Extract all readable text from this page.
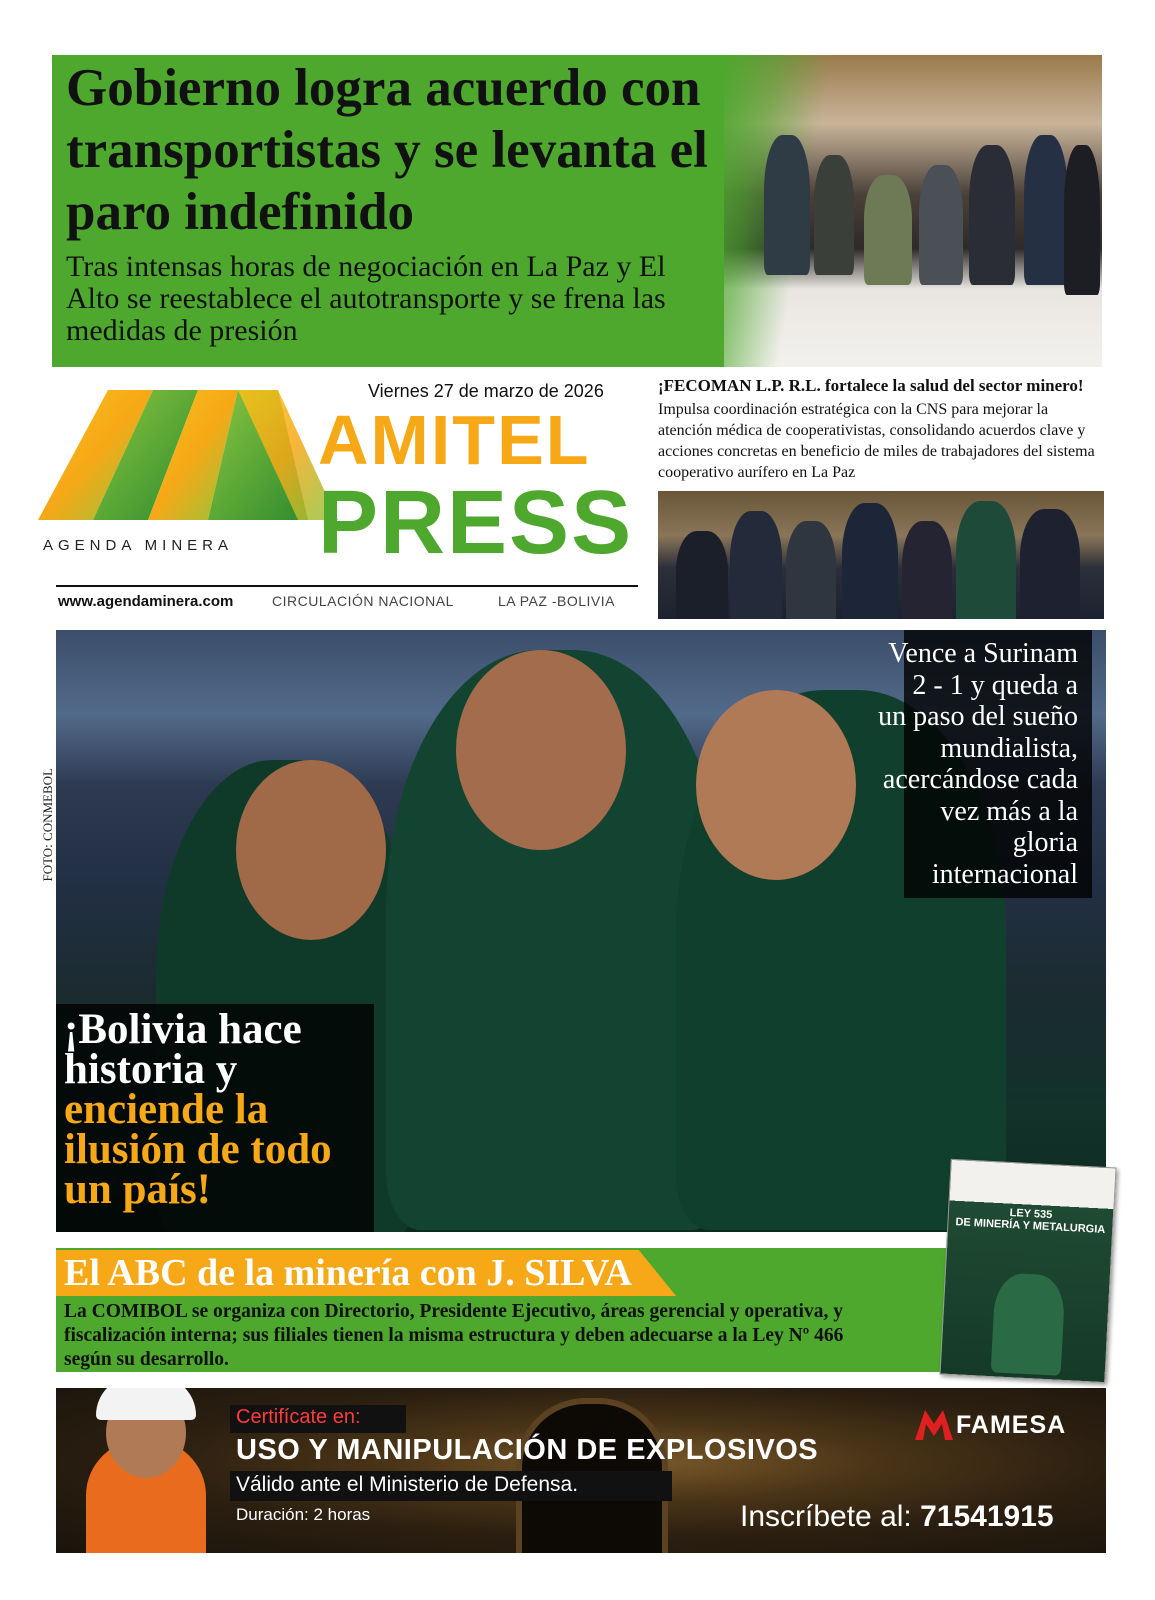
Gobierno logra acuerdo con transportistas y se levanta el paro indefinido

Tras intensas horas de negociación en La Paz y El Alto se reestablece el autotransporte y se frena las medidas de presión

AMITEL
PRESS
Viernes 27 de marzo de 2026
AGENDA MINERA
www.agendaminera.com	CIRCULACIÓN NACIONAL	LA PAZ -BOLIVIA
¡FECOMAN L.P. R.L. fortalece la salud del sector minero!
Impulsa coordinación estratégica con la CNS para mejorar la atención médica de cooperativistas, consolidando acuerdos clave y acciones concretas en beneficio de miles de trabajadores del sistema cooperativo aurífero en La Paz
FOTO: CONMEBOL
Vence a Surinam 2 - 1 y queda a un paso del sueño mundialista, acercándose cada vez más a la gloria internacional
¡Bolivia hace historia y
enciende la ilusión de todo un país!
El ABC de la minería con J. SILVA
La COMIBOL se organiza con Directorio, Presidente Ejecutivo, áreas gerencial y operativa, y fiscalización interna; sus filiales tienen la misma estructura y deben adecuarse a la Ley Nº 466 según su desarrollo.
LEY 535
DE MINERÍA Y METALURGIA
Certifícate en:
USO Y MANIPULACIÓN DE EXPLOSIVOS
Válido ante el Ministerio de Defensa.
Duración: 2 horas
FAMESA
Inscríbete al: 71541915
